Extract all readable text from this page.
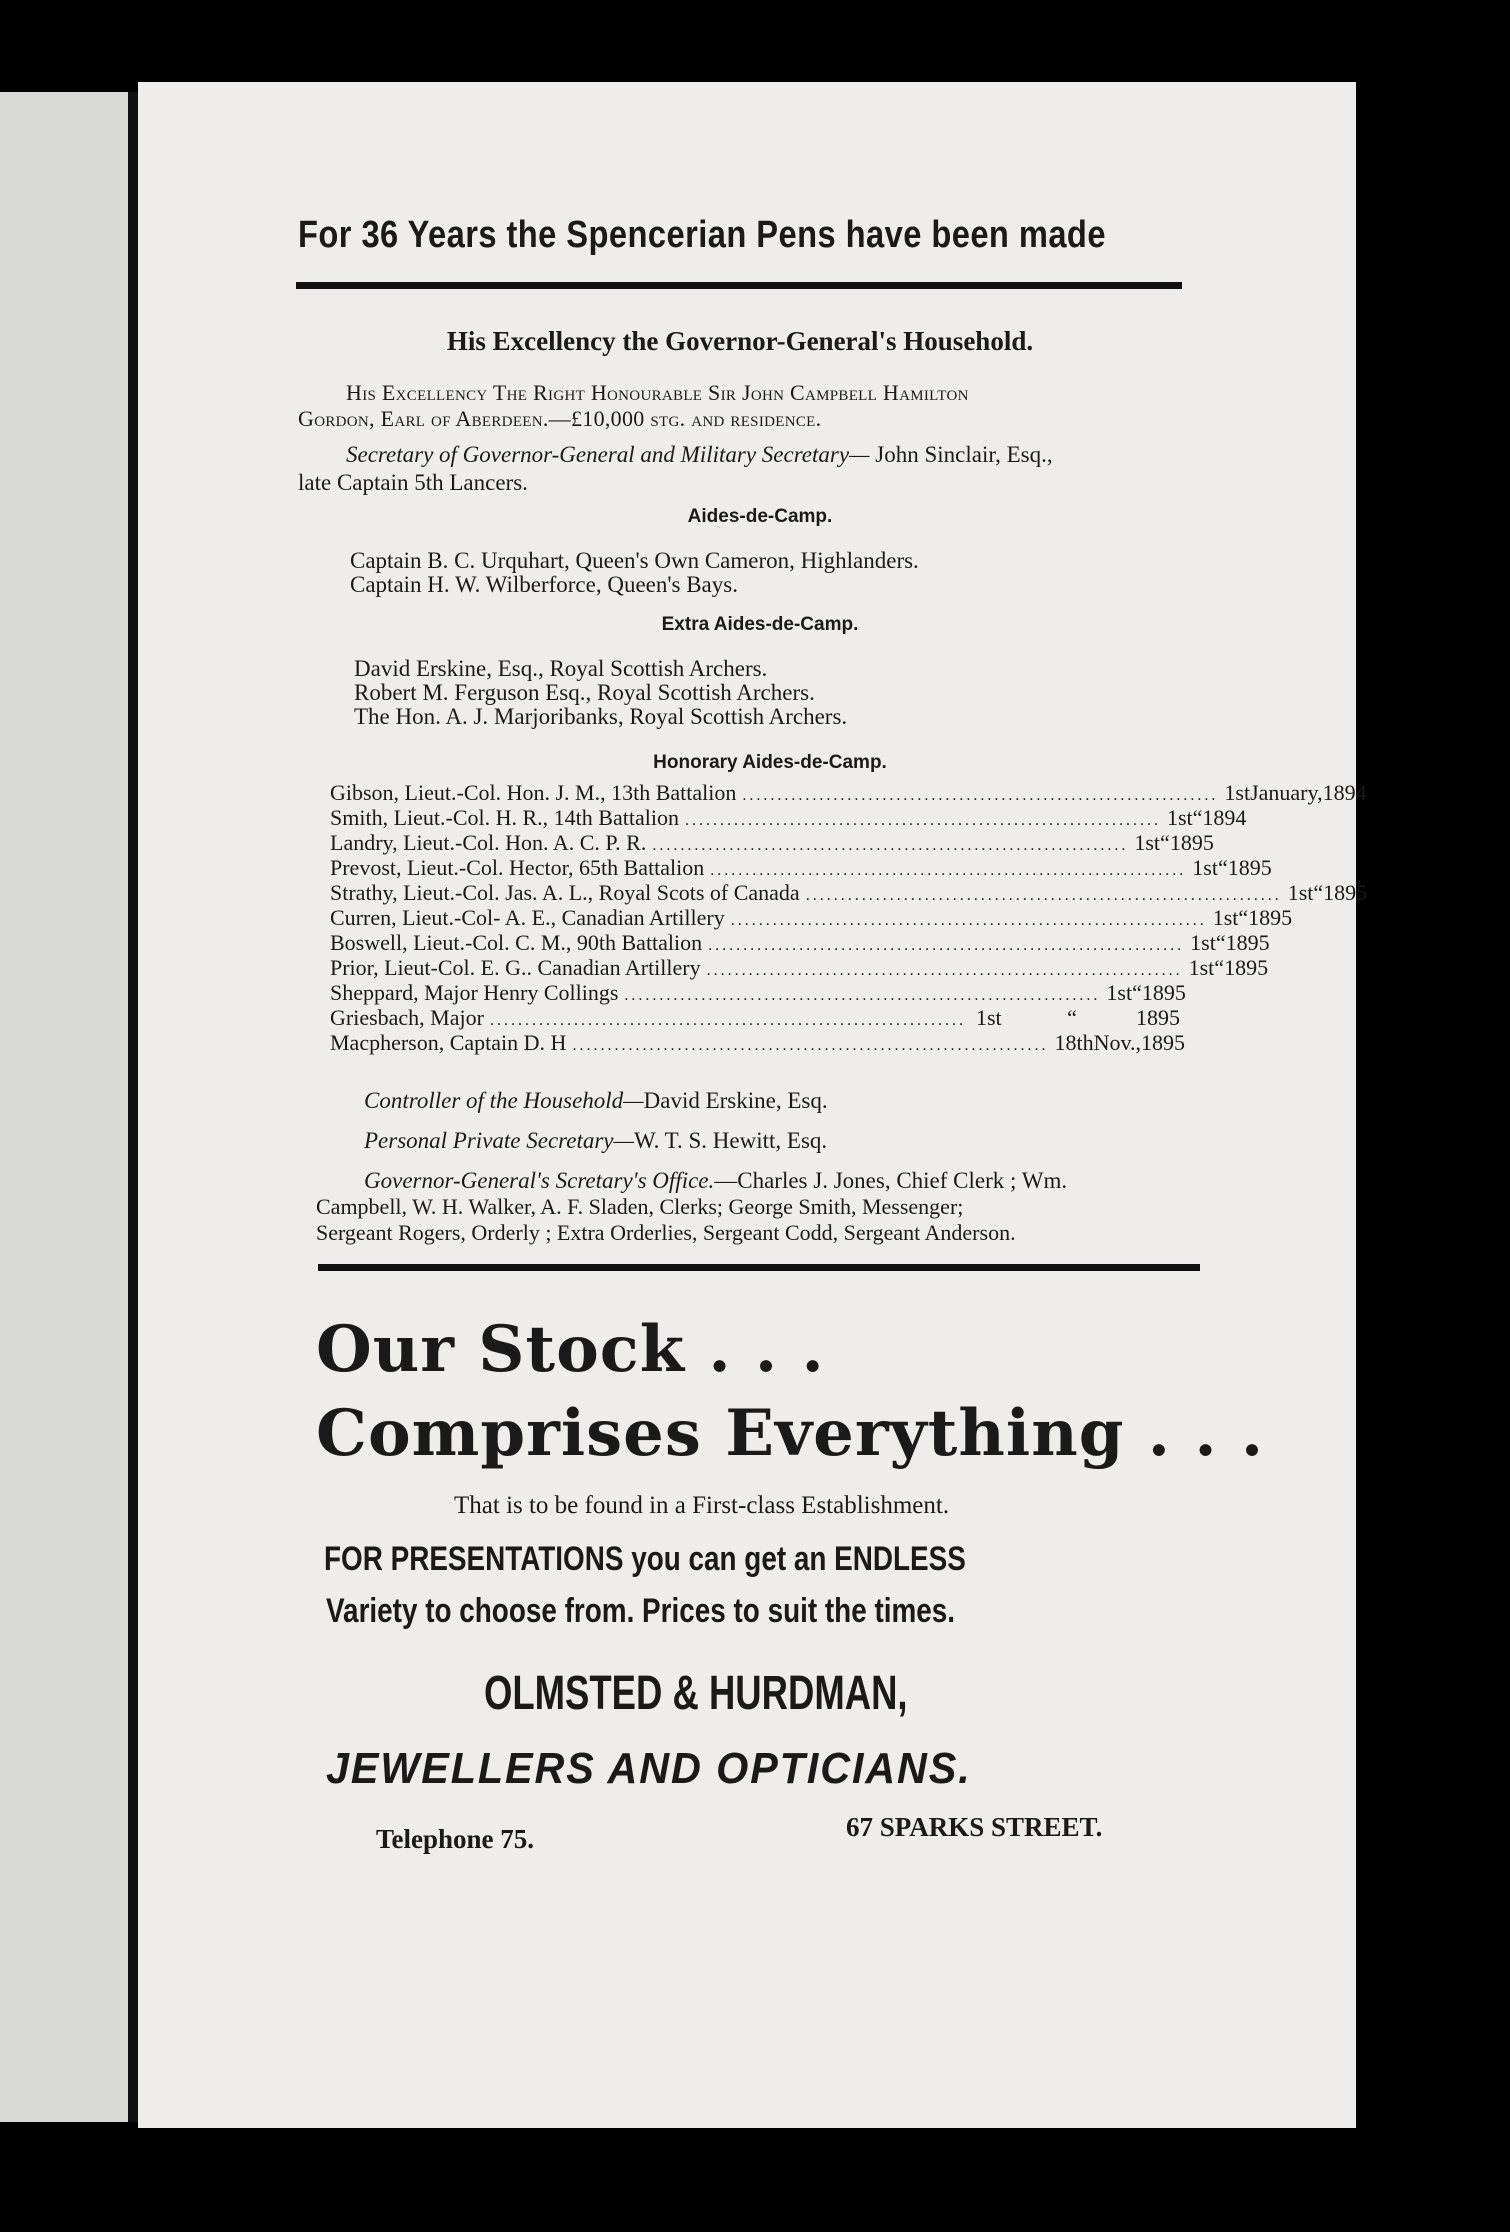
For 36 Years the Spencerian Pens have been made
His Excellency the Governor-General's Household.
His Excellency The Right Honourable Sir John Campbell Hamilton
Gordon, Earl of Aberdeen.—£10,000 stg. and residence.
Secretary of Governor-General and Military Secretary— John Sinclair, Esq.,
late Captain 5th Lancers.
Aides-de-Camp.
Captain B. C. Urquhart, Queen's Own Cameron, Highlanders.
Captain H. W. Wilberforce, Queen's Bays.
Extra Aides-de-Camp.
David Erskine, Esq., Royal Scottish Archers.
Robert M. Ferguson Esq., Royal Scottish Archers.
The Hon. A. J. Marjoribanks, Royal Scottish Archers.
Honorary Aides-de-Camp.
Gibson, Lieut.-Col. Hon. J. M., 13th Battalion .................................................................... 1st January, 1894
Smith, Lieut.-Col. H. R., 14th Battalion .................................................................... 1st “ 1894
Landry, Lieut.-Col. Hon. A. C. P. R. .................................................................... 1st “ 1895
Prevost, Lieut.-Col. Hector, 65th Battalion .................................................................... 1st “ 1895
Strathy, Lieut.-Col. Jas. A. L., Royal Scots of Canada .................................................................... 1st “ 1895
Curren, Lieut.-Col- A. E., Canadian Artillery .................................................................... 1st “ 1895
Boswell, Lieut.-Col. C. M., 90th Battalion .................................................................... 1st “ 1895
Prior, Lieut-Col. E. G.. Canadian Artillery .................................................................... 1st “ 1895
Sheppard, Major Henry Collings .................................................................... 1st “ 1895
Griesbach, Major .................................................................... 1st	“	1895
Macpherson, Captain D. H .................................................................... 18th Nov., 1895
Controller of the Household—David Erskine, Esq.
Personal Private Secretary—W. T. S. Hewitt, Esq.
Governor-General's Scretary's Office.—Charles J. Jones, Chief Clerk ; Wm.
Campbell, W. H. Walker, A. F. Sladen, Clerks; George Smith, Messenger;
Sergeant Rogers, Orderly ; Extra Orderlies, Sergeant Codd, Sergeant Anderson.
Our Stock . . .
Comprises Everything . . .
That is to be found in a First-class Establishment.
FOR PRESENTATIONS you can get an ENDLESS
Variety to choose from. Prices to suit the times.
OLMSTED & HURDMAN,
JEWELLERS AND OPTICIANS.
Telephone 75.	67 SPARKS STREET.
